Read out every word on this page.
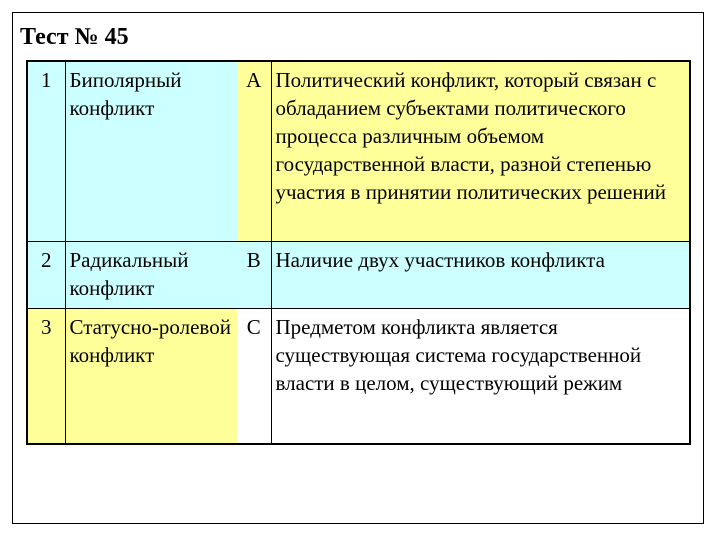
Тест № 45
1	Биполярный конфликт	A	Политический конфликт, который связан с обладанием субъектами политического процесса различным объемом государственной власти, разной степенью участия в принятии политических решений
2	Радикальный конфликт	B	Наличие двух участников конфликта
3	Статусно-ролевой конфликт	C	Предметом конфликта является существующая система государственной власти в целом, существующий режим
